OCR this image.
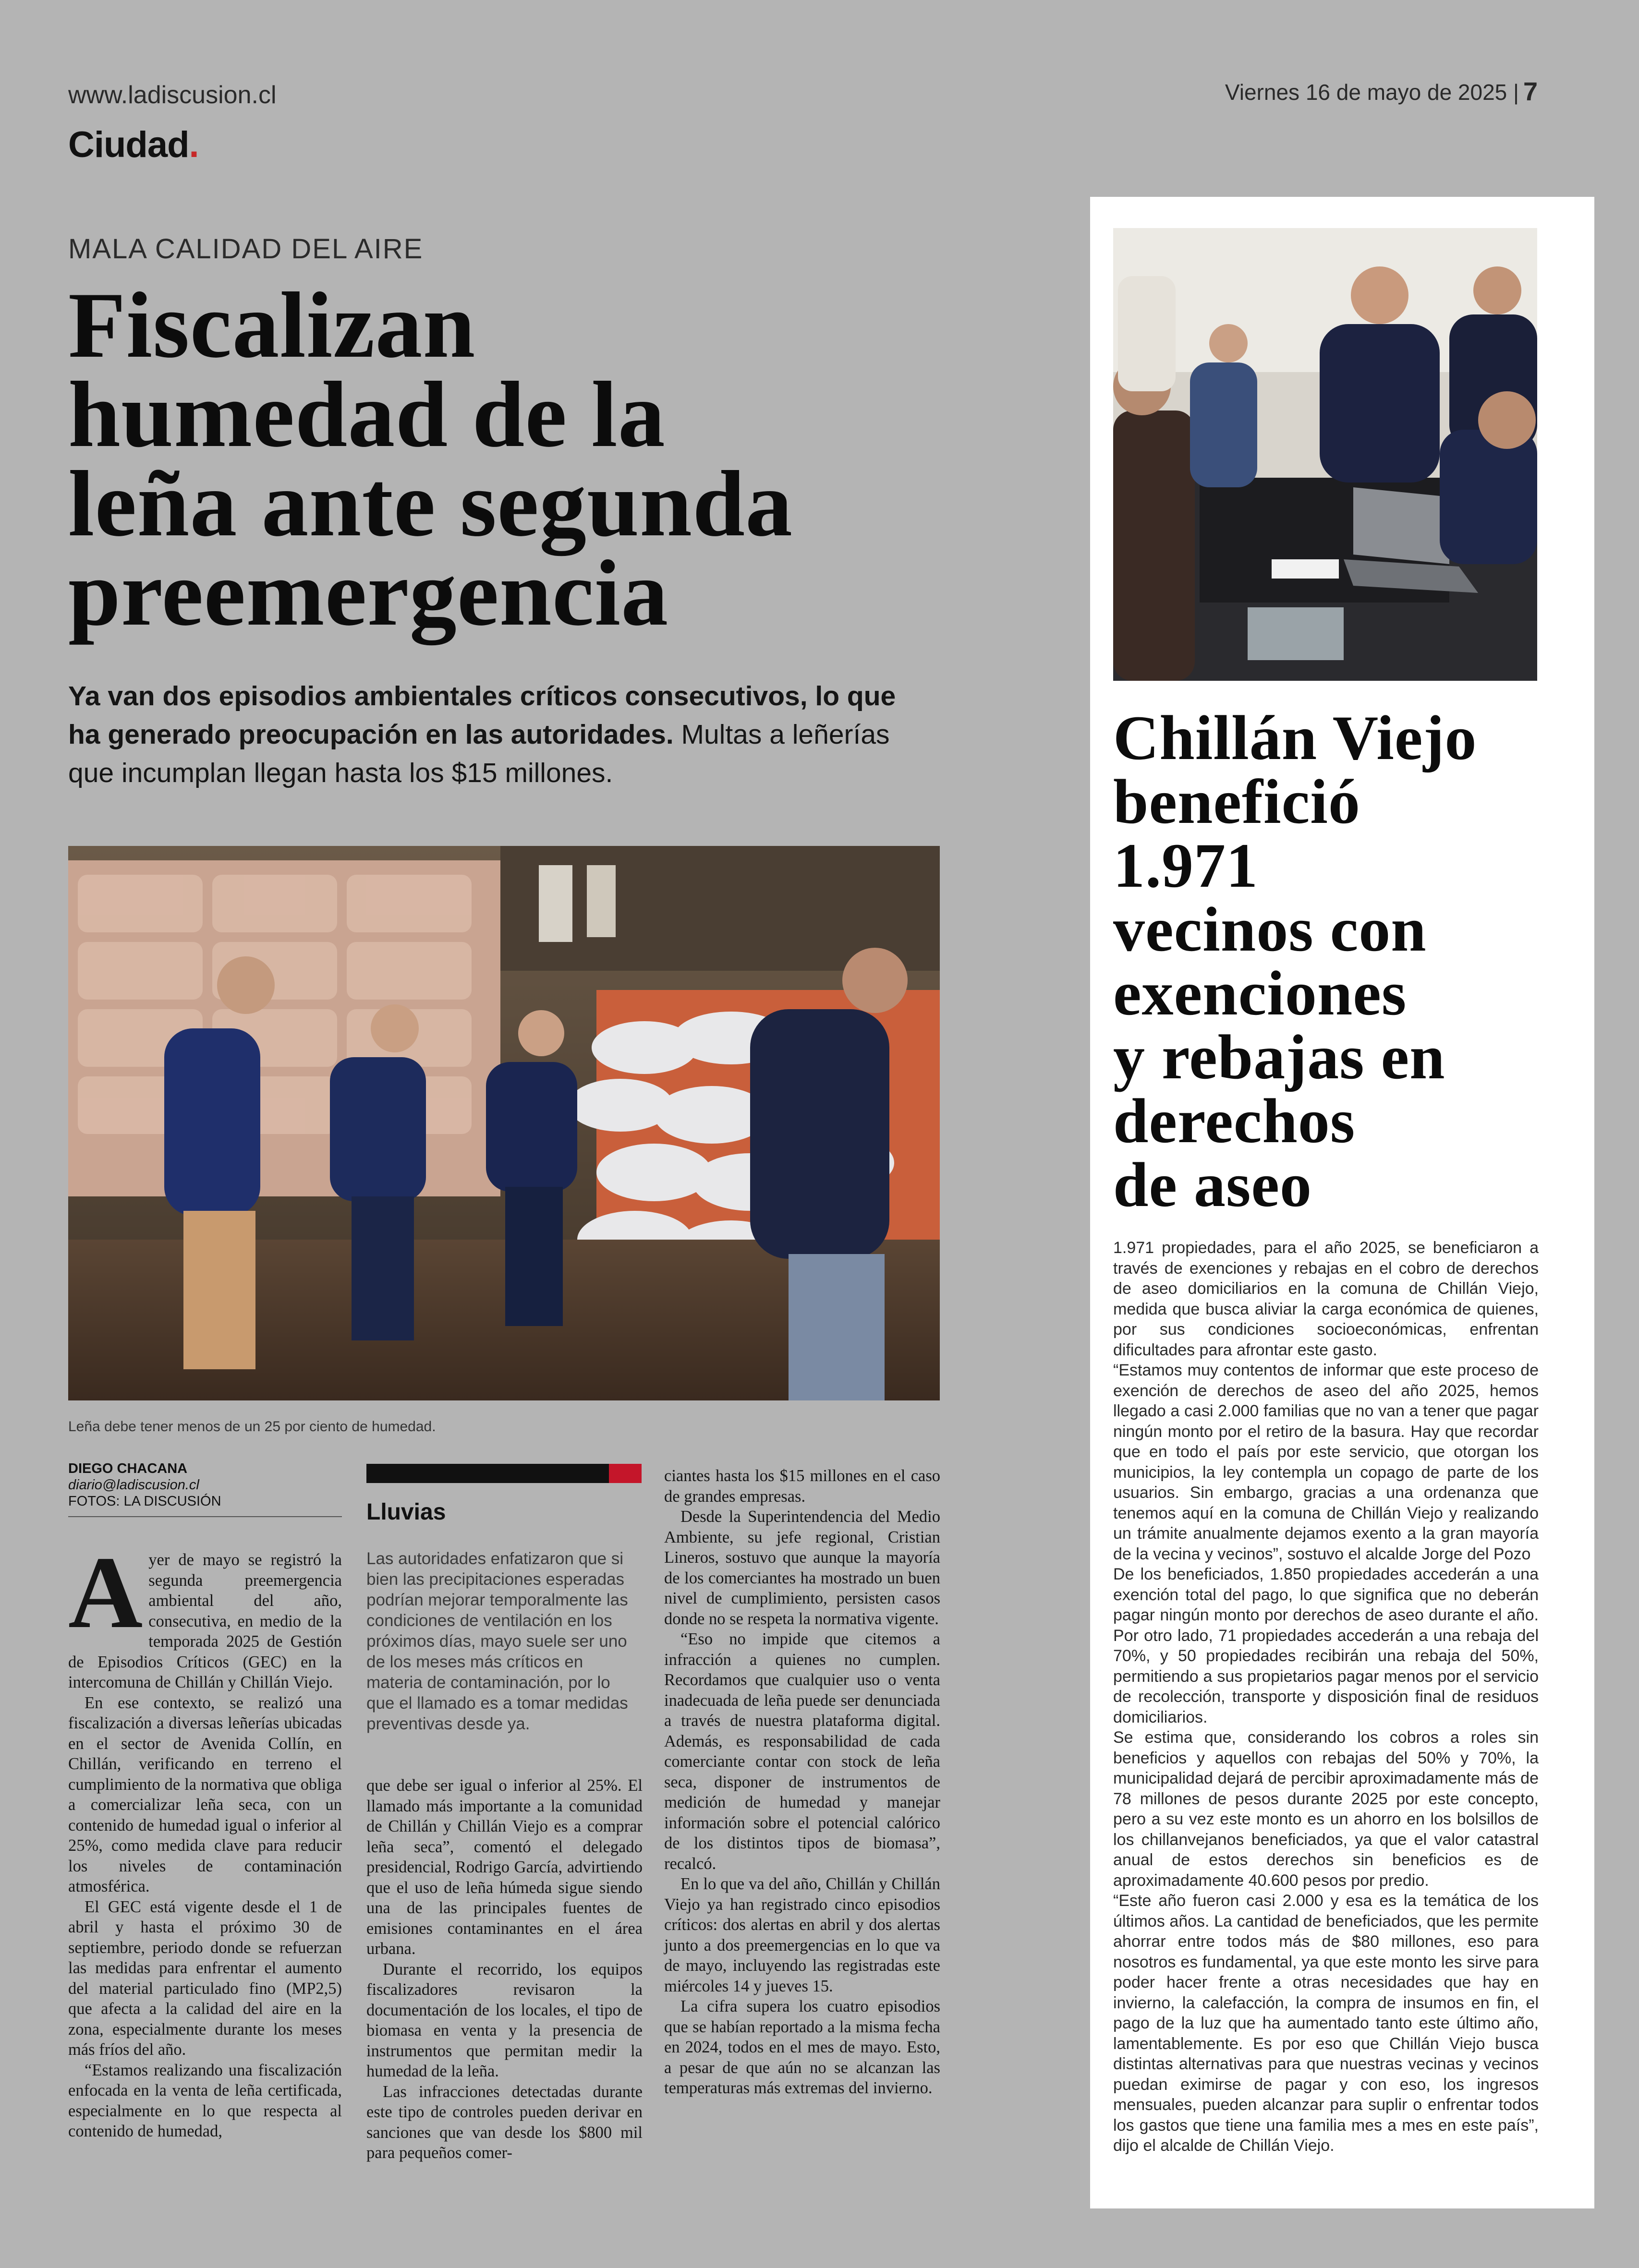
www.ladiscusion.cl
Ciudad.
Viernes 16 de mayo de 2025 | 7
MALA CALIDAD DEL AIRE
Fiscalizan
humedad de la
leña ante segunda
preemergencia
Ya van dos episodios ambientales críticos consecutivos, lo que ha generado preocupación en las autoridades. Multas a leñerías que incumplan llegan hasta los $15 millones.
Leña debe tener menos de un 25 por ciento de humedad.
DIEGO CHACANA
diario@ladiscusion.cl
FOTOS: LA DISCUSIÓN
A yer de mayo se registró la segunda preemergencia ambiental del año, consecutiva, en medio de la temporada 2025 de Gestión de Episodios Críticos (GEC) en la intercomuna de Chillán y Chillán Viejo.

En ese contexto, se realizó una fiscalización a diversas leñerías ubicadas en el sector de Avenida Collín, en Chillán, verificando en terreno el cumplimiento de la normativa que obliga a comercializar leña seca, con un contenido de humedad igual o inferior al 25%, como medida clave para reducir los niveles de contaminación atmosférica.

El GEC está vigente desde el 1 de abril y hasta el próximo 30 de septiembre, periodo donde se refuerzan las medidas para enfrentar el aumento del material particulado fino (MP2,5) que afecta a la calidad del aire en la zona, especialmente durante los meses más fríos del año.

“Estamos realizando una fiscalización enfocada en la venta de leña certificada, especialmente en lo que respecta al contenido de humedad,

Lluvias
Las autoridades enfatizaron que si bien las precipitaciones esperadas podrían mejorar temporalmente las condiciones de ventilación en los próximos días, mayo suele ser uno de los meses más críticos en materia de contaminación, por lo que el llamado es a tomar medidas preventivas desde ya.

que debe ser igual o inferior al 25%. El llamado más importante a la comunidad de Chillán y Chillán Viejo es a comprar leña seca”, comentó el delegado presidencial, Rodrigo García, advirtiendo que el uso de leña húmeda sigue siendo una de las principales fuentes de emisiones contaminantes en el área urbana.

Durante el recorrido, los equipos fiscalizadores revisaron la documentación de los locales, el tipo de biomasa en venta y la presencia de instrumentos que permitan medir la humedad de la leña.

Las infracciones detectadas durante este tipo de controles pueden derivar en sanciones que van desde los $800 mil para pequeños comer-

ciantes hasta los $15 millones en el caso de grandes empresas.

Desde la Superintendencia del Medio Ambiente, su jefe regional, Cristian Lineros, sostuvo que aunque la mayoría de los comerciantes ha mostrado un buen nivel de cumplimiento, persisten casos donde no se respeta la normativa vigente.

“Eso no impide que citemos a infracción a quienes no cumplen. Recordamos que cualquier uso o venta inadecuada de leña puede ser denunciada a través de nuestra plataforma digital. Además, es responsabilidad de cada comerciante contar con stock de leña seca, disponer de instrumentos de medición de humedad y manejar información sobre el potencial calórico de los distintos tipos de biomasa”, recalcó.

En lo que va del año, Chillán y Chillán Viejo ya han registrado cinco episodios críticos: dos alertas en abril y dos alertas junto a dos preemergencias en lo que va de mayo, incluyendo las registradas este miércoles 14 y jueves 15.

La cifra supera los cuatro episodios que se habían reportado a la misma fecha en 2024, todos en el mes de mayo. Esto, a pesar de que aún no se alcanzan las temperaturas más extremas del invierno.

Chillán Viejo
benefició
1.971
vecinos con
exenciones
y rebajas en
derechos
de aseo

1.971 propiedades, para el año 2025, se beneficiaron a través de exenciones y rebajas en el cobro de derechos de aseo domiciliarios en la comuna de Chillán Viejo, medida que busca aliviar la carga económica de quienes, por sus condiciones socioeconómicas, enfrentan dificultades para afrontar este gasto.

“Estamos muy contentos de informar que este proceso de exención de derechos de aseo del año 2025, hemos llegado a casi 2.000 familias que no van a tener que pagar ningún monto por el retiro de la basura. Hay que recordar que en todo el país por este servicio, que otorgan los municipios, la ley contempla un copago de parte de los usuarios. Sin embargo, gracias a una ordenanza que tenemos aquí en la comuna de Chillán Viejo y realizando un trámite anualmente dejamos exento a la gran mayoría de la vecina y vecinos”, sostuvo el alcalde Jorge del Pozo

De los beneficiados, 1.850 propiedades accederán a una exención total del pago, lo que significa que no deberán pagar ningún monto por derechos de aseo durante el año. Por otro lado, 71 propiedades accederán a una rebaja del 70%, y 50 propiedades recibirán una rebaja del 50%, permitiendo a sus propietarios pagar menos por el servicio de recolección, transporte y disposición final de residuos domiciliarios.

Se estima que, considerando los cobros a roles sin beneficios y aquellos con rebajas del 50% y 70%, la municipalidad dejará de percibir aproximadamente más de 78 millones de pesos durante 2025 por este concepto, pero a su vez este monto es un ahorro en los bolsillos de los chillanvejanos beneficiados, ya que el valor catastral anual de estos derechos sin beneficios es de aproximadamente 40.600 pesos por predio.

“Este año fueron casi 2.000 y esa es la temática de los últimos años. La cantidad de beneficiados, que les permite ahorrar entre todos más de $80 millones, eso para nosotros es fundamental, ya que este monto les sirve para poder hacer frente a otras necesidades que hay en invierno, la calefacción, la compra de insumos en fin, el pago de la luz que ha aumentado tanto este último año, lamentablemente. Es por eso que Chillán Viejo busca distintas alternativas para que nuestras vecinas y vecinos puedan eximirse de pagar y con eso, los ingresos mensuales, pueden alcanzar para suplir o enfrentar todos los gastos que tiene una familia mes a mes en este país”, dijo el alcalde de Chillán Viejo.
